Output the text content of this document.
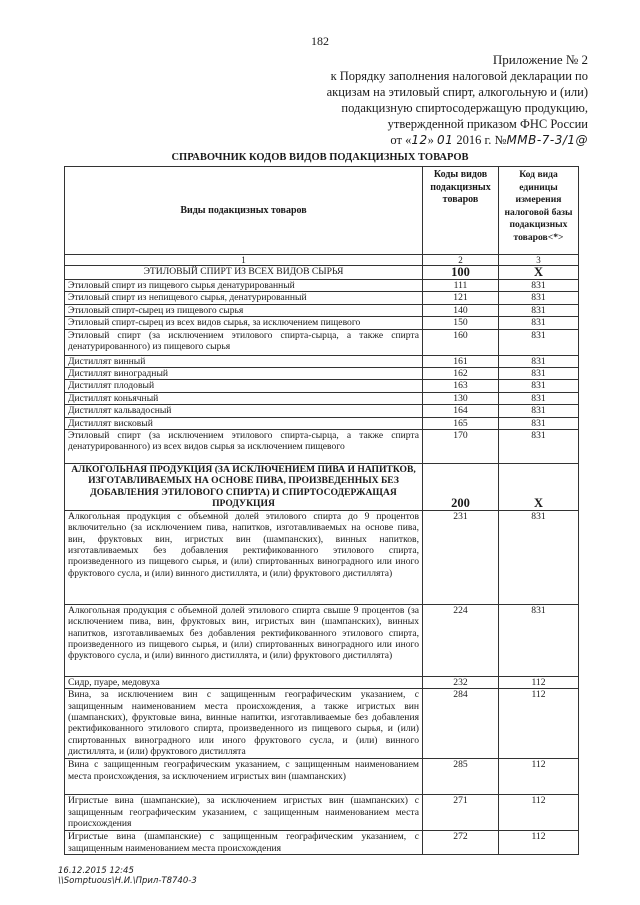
182
Приложение № 2
к Порядку заполнения налоговой декларации по
акцизам на этиловый спирт, алкогольную и (или)
подакцизную спиртосодержащую продукцию,
утвержденной приказом ФНС России
от «12» 01 2016 г. №ММВ-7-3/1@
СПРАВОЧНИК КОДОВ ВИДОВ ПОДАКЦИЗНЫХ ТОВАРОВ
Виды подакцизных товаров	Коды видов подакцизных товаров	Код вида единицы измерения налоговой базы подакцизных товаров<*>
1	2	3
ЭТИЛОВЫЙ СПИРТ ИЗ ВСЕХ ВИДОВ СЫРЬЯ	100	X
Этиловый спирт из пищевого сырья денатурированный	111	831
Этиловый спирт из непищевого сырья, денатурированный	121	831
Этиловый спирт-сырец из пищевого сырья	140	831
Этиловый спирт-сырец из всех видов сырья, за исключением пищевого	150	831
Этиловый спирт (за исключением этилового спирта-сырца, а также спирта денатурированного) из пищевого сырья	160	831
Дистиллят винный	161	831
Дистиллят виноградный	162	831
Дистиллят плодовый	163	831
Дистиллят коньячный	130	831
Дистиллят кальвадосный	164	831
Дистиллят висковый	165	831
Этиловый спирт (за исключением этилового спирта-сырца, а также спирта денатурированного) из всех видов сырья за исключением пищевого	170	831
АЛКОГОЛЬНАЯ ПРОДУКЦИЯ (ЗА ИСКЛЮЧЕНИЕМ ПИВА И НАПИТКОВ, ИЗГОТАВЛИВАЕМЫХ НА ОСНОВЕ ПИВА, ПРОИЗВЕДЕННЫХ БЕЗ ДОБАВЛЕНИЯ ЭТИЛОВОГО СПИРТА) И СПИРТОСОДЕРЖАЩАЯ ПРОДУКЦИЯ	200	X
Алкогольная продукция с объемной долей этилового спирта до 9 процентов включительно (за исключением пива, напитков, изготавливаемых на основе пива, вин, фруктовых вин, игристых вин (шампанских), винных напитков, изготавливаемых без добавления ректификованного этилового спирта, произведенного из пищевого сырья, и (или) спиртованных виноградного или иного фруктового сусла, и (или) винного дистиллята, и (или) фруктового дистиллята)	231	831
Алкогольная продукция с объемной долей этилового спирта свыше 9 процентов (за исключением пива, вин, фруктовых вин, игристых вин (шампанских), винных напитков, изготавливаемых без добавления ректификованного этилового спирта, произведенного из пищевого сырья, и (или) спиртованных виноградного или иного фруктового сусла, и (или) винного дистиллята, и (или) фруктового дистиллята)	224	831
Сидр, пуаре, медовуха	232	112
Вина, за исключением вин с защищенным географическим указанием, с защищенным наименованием места происхождения, а также игристых вин (шампанских), фруктовые вина, винные напитки, изготавливаемые без добавления ректификованного этилового спирта, произведенного из пищевого сырья, и (или) спиртованных виноградного или иного фруктового сусла, и (или) винного дистиллята, и (или) фруктового дистиллята	284	112
Вина с защищенным географическим указанием, с защищенным наименованием места происхождения, за исключением игристых вин (шампанских)	285	112
Игристые вина (шампанские), за исключением игристых вин (шампанских) с защищенным географическим указанием, с защищенным наименованием места происхождения	271	112
Игристые вина (шампанские) с защищенным географическим указанием, с защищенным наименованием места происхождения	272	112
16.12.2015 12:45
\\Somptuous\Н.И.\Прил-Т8740-3
